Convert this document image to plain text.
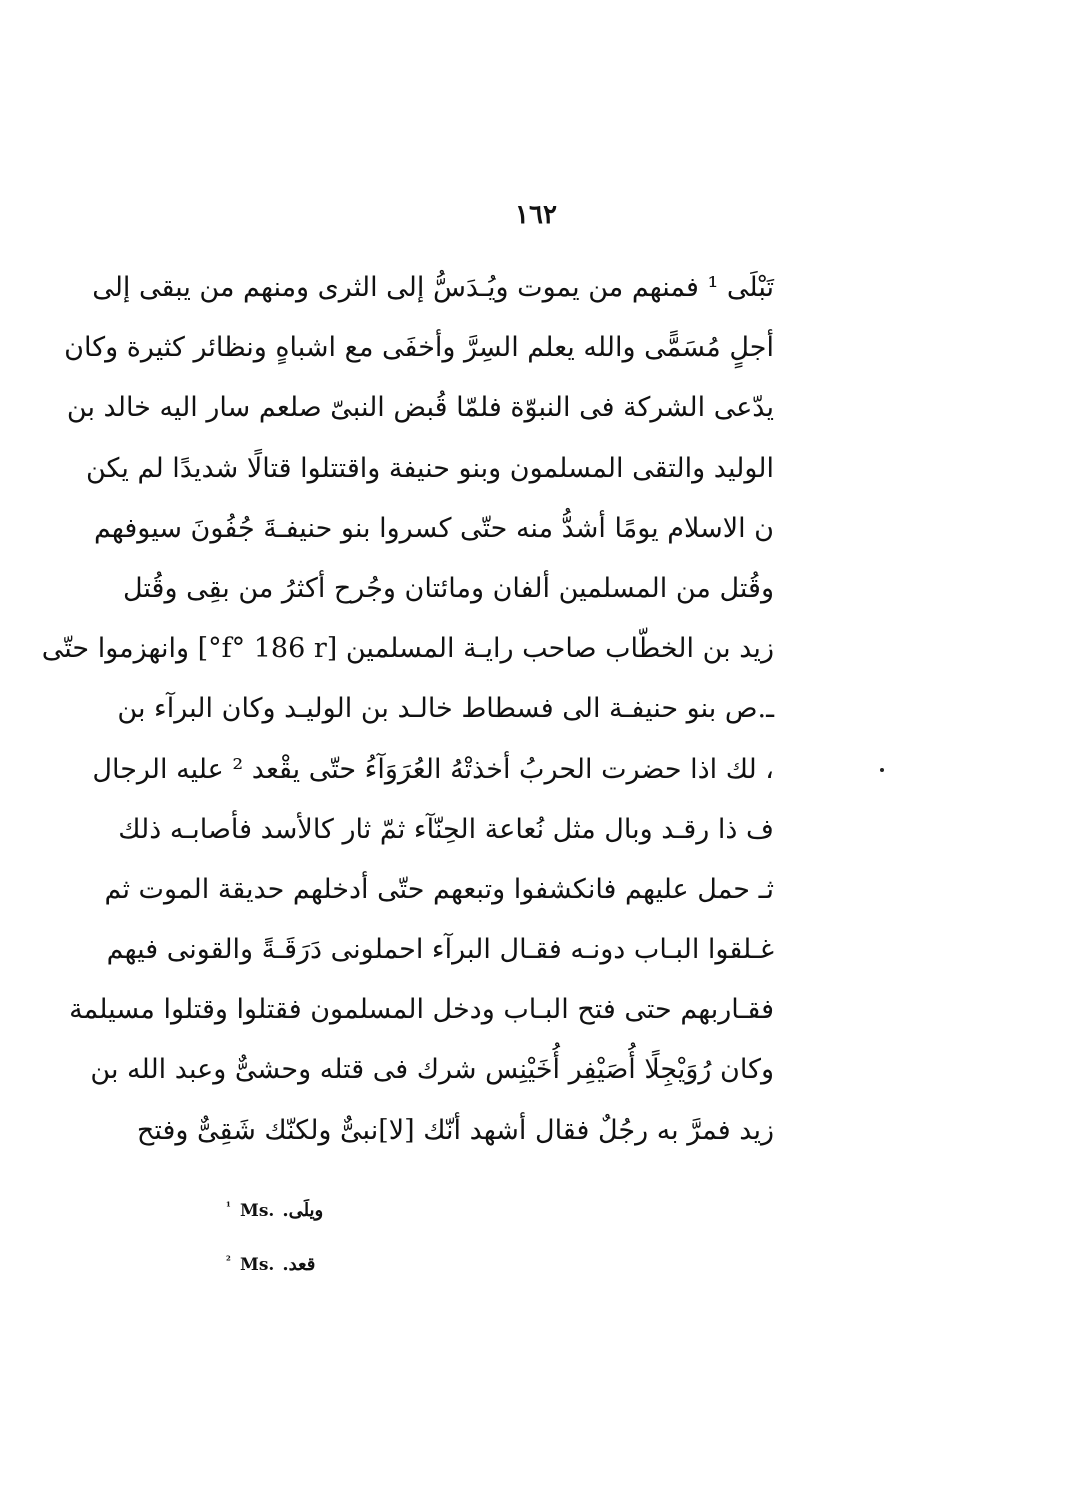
١٦٢
تَبْلَى ¹ فمنهم من يموت ويُـدَسُّ إلى الثرى ومنهم من يبقى إلى
أجلٍ مُسَمًّى والله يعلم السِرَّ وأخفَى مع اشباهٍ ونظائر كثيرة وكان
يدّعى الشركة فى النبوّة فلمّا قُبض النبىّ صلعم سار اليه خالد بن
الوليد والتقى المسلمون وبنو حنيفة واقتتلوا قتالًا شديدًا لم يكن
ن الاسلام يومًا أشدُّ منه حتّى كسروا بنو حنيفـةَ جُفُونَ سيوفهم
وقُتل من المسلمين ألفان ومائتان وجُرح أكثرُ من بقِى وقُتل
زيد بن الخطّاب صاحب رايـة المسلمين [f° 186 r°] وانهزموا حتّى
ـ.ص بنو حنيفـة الى فسطاط خالـد بن الوليـد وكان البرآء بن
، لك اذا حضرت الحربُ أخذتْهُ العُرَوَآءُ حتّى يقْعد ² عليه الرجال
ف ذا رقـد وبال مثل نُعاعة الحِنّآء ثمّ ثار كالأسد فأصابـه ذلك
ثـ حمل عليهم فانكشفوا وتبعهم حتّى أدخلهم حديقة الموت ثم
غـلقوا البـاب دونـه فقـال البرآء احملونى دَرَقَـةً والقونى فيهم
فقـاربهم حتى فتح البـاب ودخل المسلمون فقتلوا وقتلوا مسيلمة
وكان رُوَيْجِلًا أُصَيْفِر أُخَيْنِس شرك فى قتله وحشىٌّ وعبد الله بن
زيد فمرَّ به رجُلٌ فقال أشهد أنّك [لا]نبىٌّ ولكنّك شَقِىٌّ وفتح
¹ Ms. ويلَى.
² Ms. قعد.
